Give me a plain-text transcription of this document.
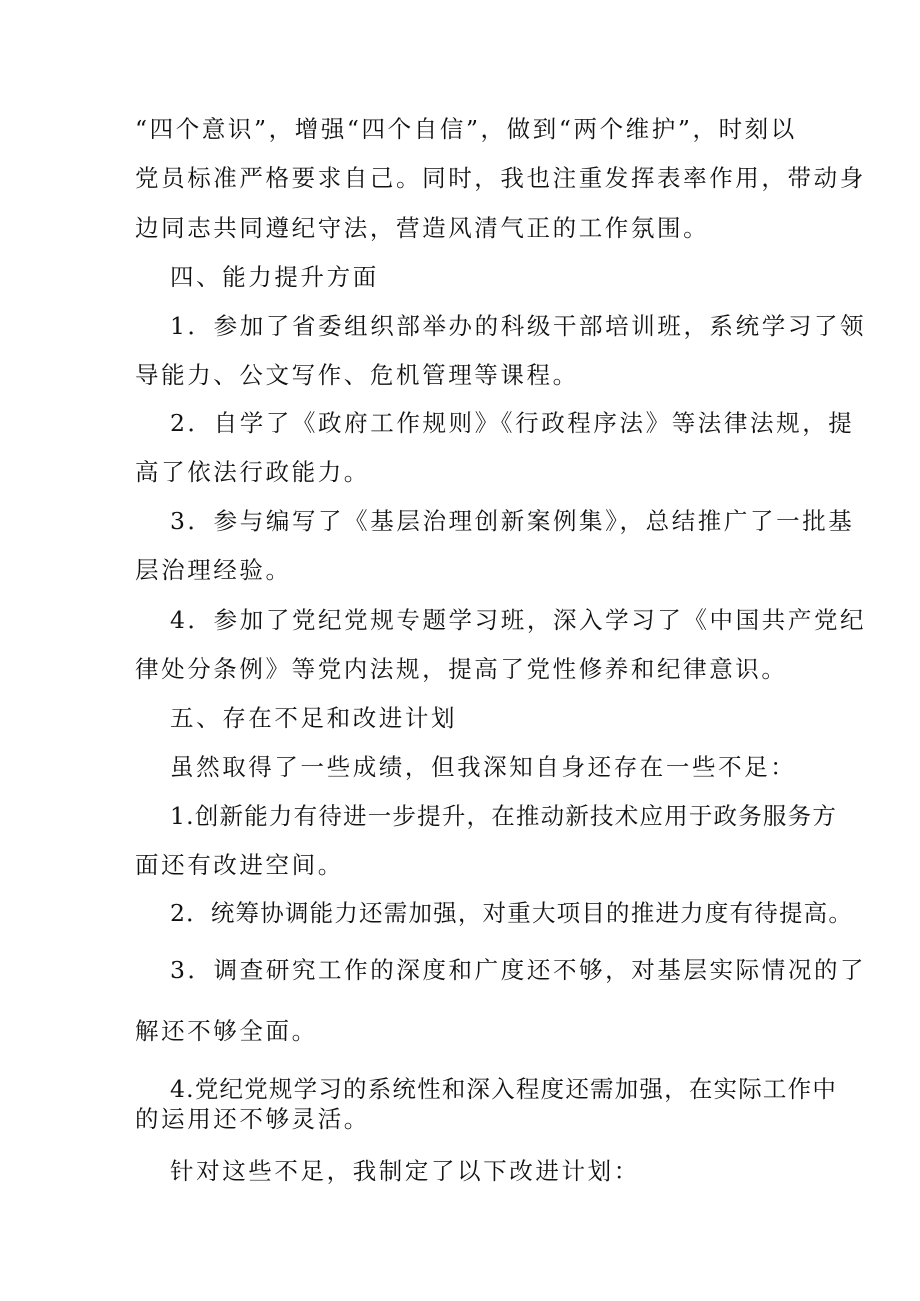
“四个意识”，增强“四个自信”，做到“两个维护”，时刻以
党员标准严格要求自己。同时，我也注重发挥表率作用，带动身
边同志共同遵纪守法，营造风清气正的工作氛围。
四、能力提升方面
1．参加了省委组织部举办的科级干部培训班，系统学习了领
导能力、公文写作、危机管理等课程。
2．自学了《政府工作规则》《行政程序法》等法律法规，提
高了依法行政能力。
3．参与编写了《基层治理创新案例集》，总结推广了一批基
层治理经验。
4．参加了党纪党规专题学习班，深入学习了《中国共产党纪
律处分条例》等党内法规，提高了党性修养和纪律意识。
五、存在不足和改进计划
虽然取得了一些成绩，但我深知自身还存在一些不足：
1.创新能力有待进一步提升，在推动新技术应用于政务服务方
面还有改进空间。
2．统筹协调能力还需加强，对重大项目的推进力度有待提高。
3．调查研究工作的深度和广度还不够，对基层实际情况的了
解还不够全面。
4.党纪党规学习的系统性和深入程度还需加强，在实际工作中
的运用还不够灵活。
针对这些不足，我制定了以下改进计划：
